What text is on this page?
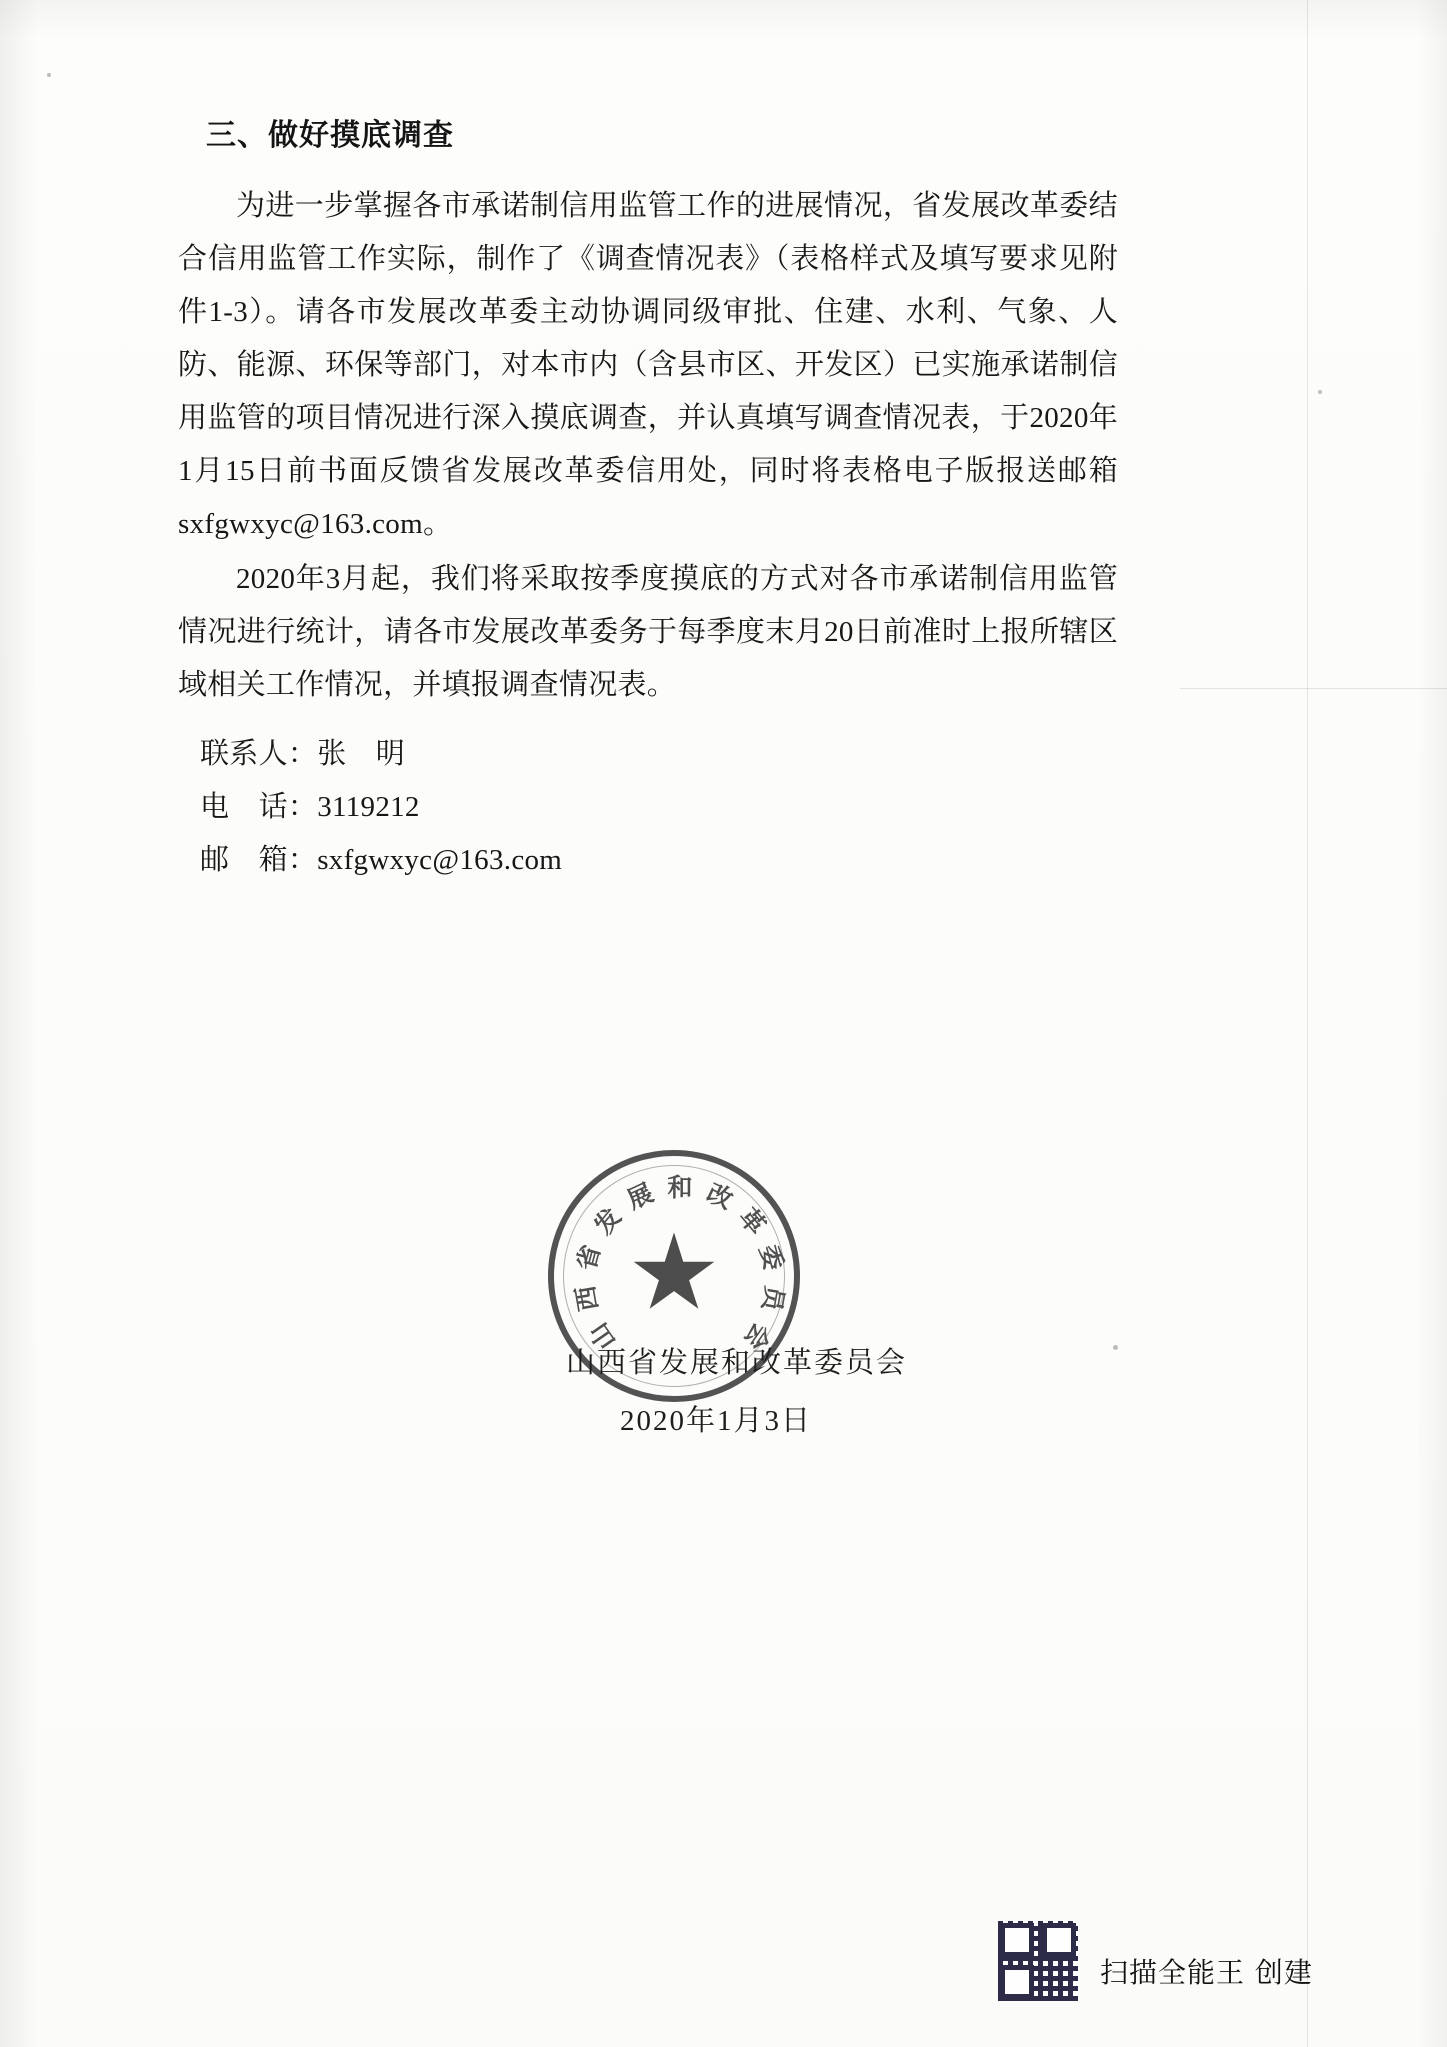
三、做好摸底调查

为进一步掌握各市承诺制信用监管工作的进展情况，省发展改革委结合信用监管工作实际，制作了《调查情况表》（表格样式及填写要求见附件1-3）。请各市发展改革委主动协调同级审批、住建、水利、气象、人防、能源、环保等部门，对本市内（含县市区、开发区）已实施承诺制信用监管的项目情况进行深入摸底调查，并认真填写调查情况表，于2020年1月15日前书面反馈省发展改革委信用处，同时将表格电子版报送邮箱sxfgwxyc@163.com。

2020年3月起，我们将采取按季度摸底的方式对各市承诺制信用监管情况进行统计，请各市发展改革委务于每季度末月20日前准时上报所辖区域相关工作情况，并填报调查情况表。

联系人：张　明
电　话：3119212
邮　箱：sxfgwxyc@163.com
山
西
省
发
展 和 改
革
委
员
会
山西省发展和改革委员会
2020年1月3日
扫描全能王 创建
